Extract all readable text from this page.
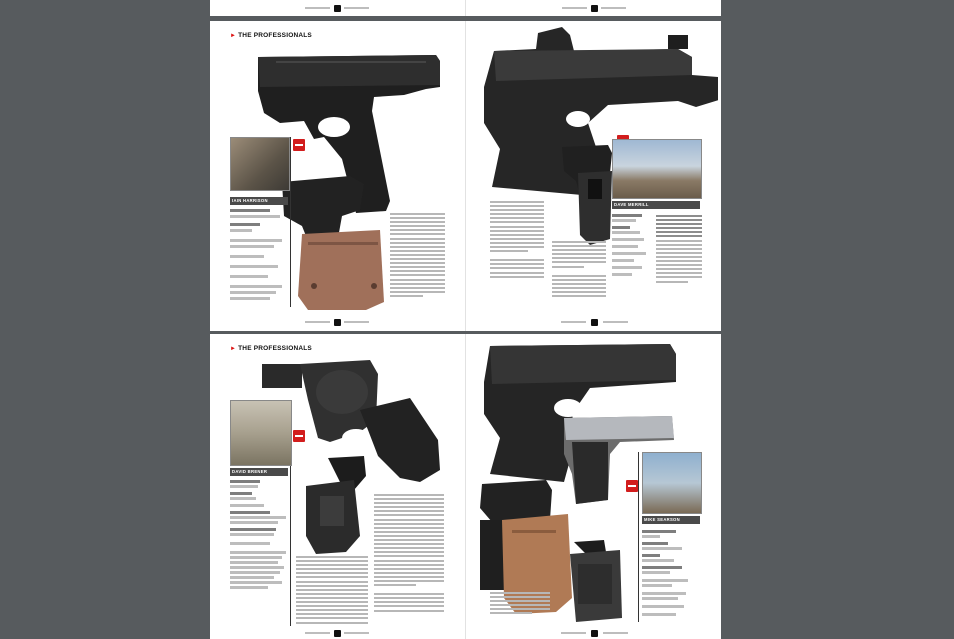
► THE PROFESSIONALS
IAIN HARRISON
DAVE MERRILL
► THE PROFESSIONALS
DAVID BRENER
MIKE SEARSON
